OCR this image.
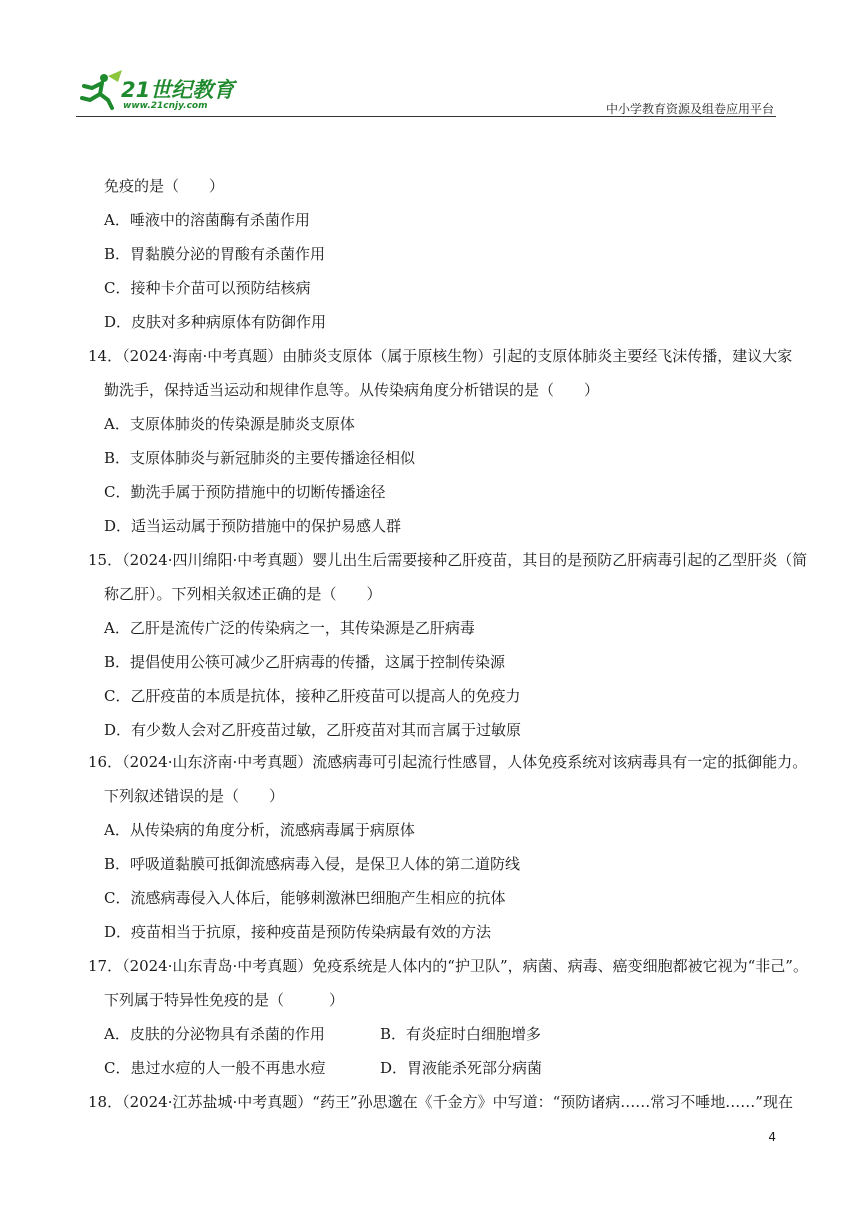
21世纪教育
www.21cnjy.com	中小学教育资源及组卷应用平台
免疫的是（　　）
A．唾液中的溶菌酶有杀菌作用
B．胃黏膜分泌的胃酸有杀菌作用
C．接种卡介苗可以预防结核病
D．皮肤对多种病原体有防御作用
14．（2024·海南·中考真题）由肺炎支原体（属于原核生物）引起的支原体肺炎主要经飞沫传播，建议大家
勤洗手，保持适当运动和规律作息等。从传染病角度分析错误的是（　　）
A．支原体肺炎的传染源是肺炎支原体
B．支原体肺炎与新冠肺炎的主要传播途径相似
C．勤洗手属于预防措施中的切断传播途径
D．适当运动属于预防措施中的保护易感人群
15．（2024·四川绵阳·中考真题）婴儿出生后需要接种乙肝疫苗，其目的是预防乙肝病毒引起的乙型肝炎（简
称乙肝）。下列相关叙述正确的是（　　）
A．乙肝是流传广泛的传染病之一，其传染源是乙肝病毒
B．提倡使用公筷可减少乙肝病毒的传播，这属于控制传染源
C．乙肝疫苗的本质是抗体，接种乙肝疫苗可以提高人的免疫力
D．有少数人会对乙肝疫苗过敏，乙肝疫苗对其而言属于过敏原
16．（2024·山东济南·中考真题）流感病毒可引起流行性感冒，人体免疫系统对该病毒具有一定的抵御能力。
下列叙述错误的是（　　）
A．从传染病的角度分析，流感病毒属于病原体
B．呼吸道黏膜可抵御流感病毒入侵，是保卫人体的第二道防线
C．流感病毒侵入人体后，能够刺激淋巴细胞产生相应的抗体
D．疫苗相当于抗原，接种疫苗是预防传染病最有效的方法
17．（2024·山东青岛·中考真题）免疫系统是人体内的“护卫队”，病菌、病毒、癌变细胞都被它视为“非己”。
下列属于特异性免疫的是（　　　）
A．皮肤的分泌物具有杀菌的作用	B．有炎症时白细胞增多
C．患过水痘的人一般不再患水痘	D．胃液能杀死部分病菌
18．（2024·江苏盐城·中考真题）“药王”孙思邈在《千金方》中写道：“预防诸病……常习不唾地……”现在
4
